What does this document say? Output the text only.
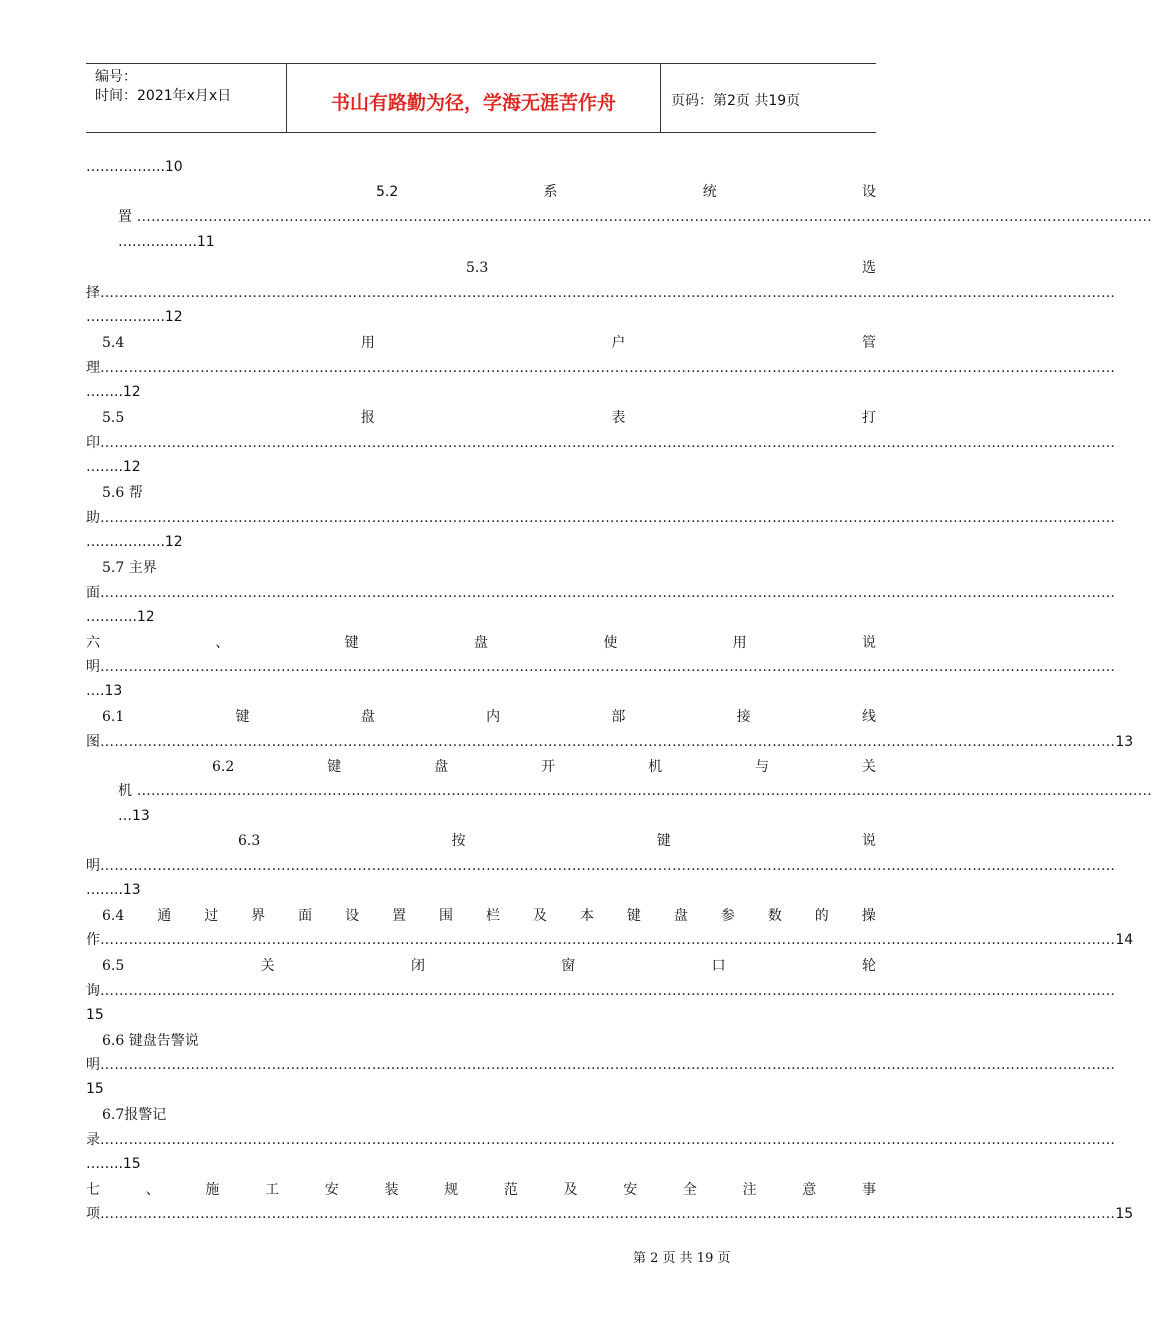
编号：
时间：2021年x月x日	书山有路勤为径，学海无涯苦作舟	页码：第2页 共19页
……………..10
5.2	系	统	设
置 ……………………………………………………………………………………………………………………………………………………………………………………………
……………..11
5.3	选
择 ……………………………………………………………………………………………………………………………………………………………………………………………
……………..12
5.4	用	户	管
理 ……………………………………………………………………………………………………………………………………………………………………………………………
……..12
5.5	报	表	打
印 ……………………………………………………………………………………………………………………………………………………………………………………………
……..12
5.6 帮
助 ……………………………………………………………………………………………………………………………………………………………………………………………
……………..12
5.7 主界
面 ……………………………………………………………………………………………………………………………………………………………………………………………
………..12
六	、	键	盘	使	用	说
明 ……………………………………………………………………………………………………………………………………………………………………………………………
….13
6.1	键	盘	内	部	接	线
图 …………………………………………………………………………………………………………………………………………………………………………………………… 13
6.2	键	盘	开	机	与	关
机 ……………………………………………………………………………………………………………………………………………………………………………………………
…13
6.3	按	键	说
明 ……………………………………………………………………………………………………………………………………………………………………………………………
……..13
6.4 通 过 界 面 设 置 围 栏 及 本 键 盘 参 数 的 操
作 …………………………………………………………………………………………………………………………………………………………………………………………… 14
6.5	关	闭	窗	口	轮
询 ……………………………………………………………………………………………………………………………………………………………………………………………
15
6.6 键盘告警说
明 ……………………………………………………………………………………………………………………………………………………………………………………………
15
6.7报警记
录 ……………………………………………………………………………………………………………………………………………………………………………………………
……..15
七	、	施	工	安	装	规	范	及	安	全	注	意	事
项 …………………………………………………………………………………………………………………………………………………………………………………………… 15
第 2 页 共 19 页
